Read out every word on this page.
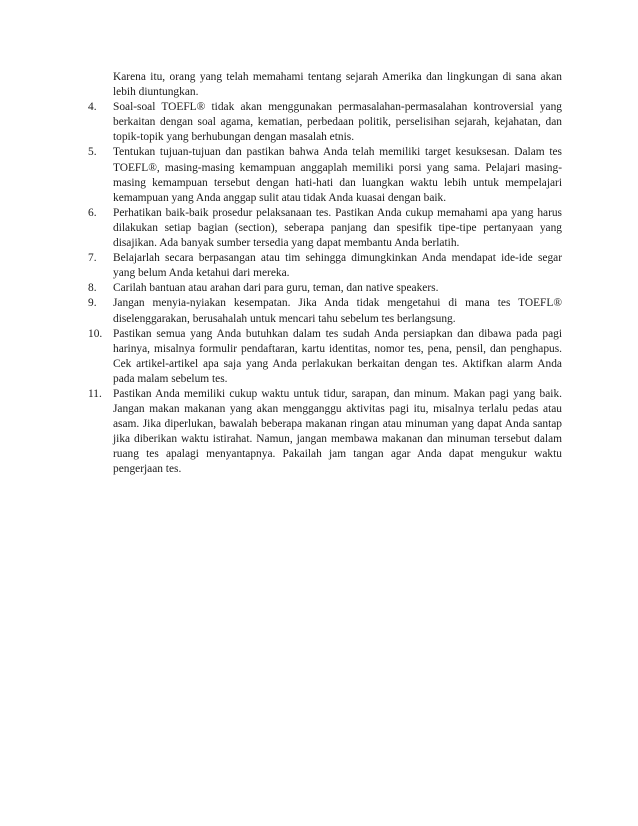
Karena itu, orang yang telah memahami tentang sejarah Amerika dan lingkungan di sana akan lebih diuntungkan.
4.	Soal-soal TOEFL® tidak akan menggunakan permasalahan-permasalahan kontroversial yang berkaitan dengan soal agama, kematian, perbedaan politik, perselisihan sejarah, kejahatan, dan topik-topik yang berhubungan dengan masalah etnis.
5.	Tentukan tujuan-tujuan dan pastikan bahwa Anda telah memiliki target kesuksesan. Dalam tes TOEFL®, masing-masing kemampuan anggaplah memiliki porsi yang sama. Pelajari masing-masing kemampuan tersebut dengan hati-hati dan luangkan waktu lebih untuk mempelajari kemampuan yang Anda anggap sulit atau tidak Anda kuasai dengan baik.
6.	Perhatikan baik-baik prosedur pelaksanaan tes. Pastikan Anda cukup memahami apa yang harus dilakukan setiap bagian (section), seberapa panjang dan spesifik tipe-tipe pertanyaan yang disajikan. Ada banyak sumber tersedia yang dapat membantu Anda berlatih.
7.	Belajarlah secara berpasangan atau tim sehingga dimungkinkan Anda mendapat ide-ide segar yang belum Anda ketahui dari mereka.
8.	Carilah bantuan atau arahan dari para guru, teman, dan native speakers.
9.	Jangan menyia-nyiakan kesempatan. Jika Anda tidak mengetahui di mana tes TOEFL® diselenggarakan, berusahalah untuk mencari tahu sebelum tes berlangsung.
10. Pastikan semua yang Anda butuhkan dalam tes sudah Anda persiapkan dan dibawa pada pagi harinya, misalnya formulir pendaftaran, kartu identitas, nomor tes, pena, pensil, dan penghapus. Cek artikel-artikel apa saja yang Anda perlakukan berkaitan dengan tes. Aktifkan alarm Anda pada malam sebelum tes.
11. Pastikan Anda memiliki cukup waktu untuk tidur, sarapan, dan minum. Makan pagi yang baik. Jangan makan makanan yang akan mengganggu aktivitas pagi itu, misalnya terlalu pedas atau asam. Jika diperlukan, bawalah beberapa makanan ringan atau minuman yang dapat Anda santap jika diberikan waktu istirahat. Namun, jangan membawa makanan dan minuman tersebut dalam ruang tes apalagi menyantapnya. Pakailah jam tangan agar Anda dapat mengukur waktu pengerjaan tes.
